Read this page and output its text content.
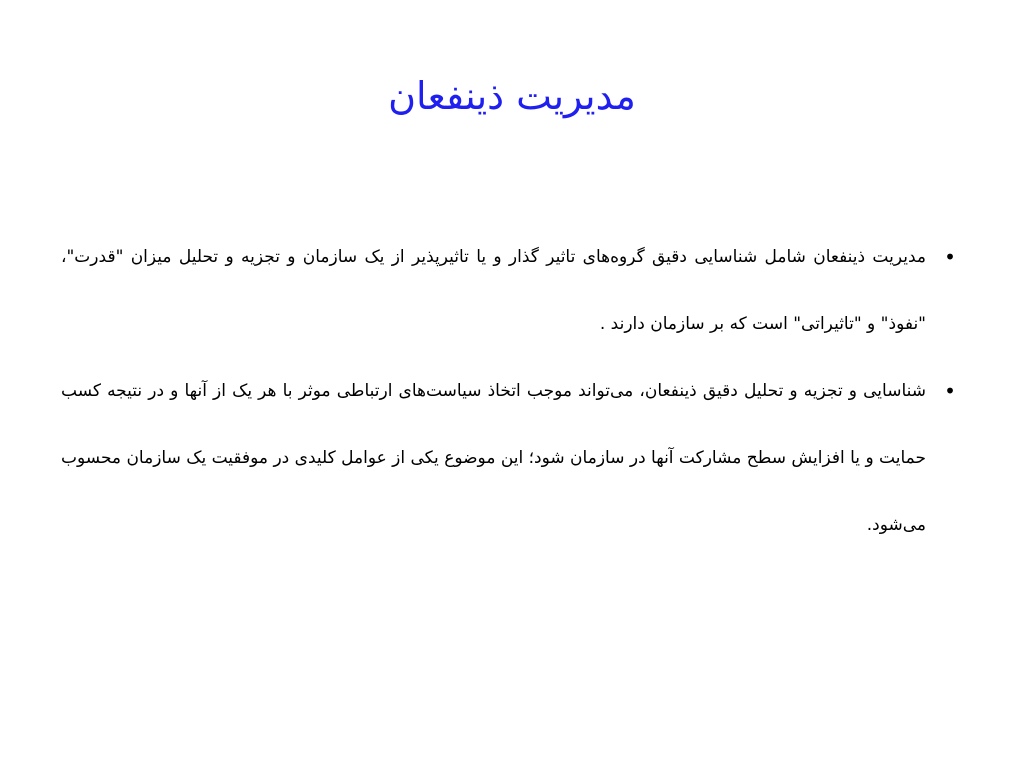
مدیریت ذینفعان
•
مدیریت ذینفعان شامل شناسایی دقیق گروه‌های تاثیر گذار و یا تاثیرپذیر از یک سازمان و تجزیه و تحلیل میزان "قدرت"، "نفوذ" و "تاثیراتی" است که بر سازمان دارند .
•
شناسایی و تجزیه و تحلیل دقیق ذینفعان، می‌تواند موجب اتخاذ سیاست‌های ارتباطی موثر با هر یک از آنها و در نتیجه کسب حمایت و یا افزایش سطح مشارکت آنها در سازمان شود؛ این موضوع یکی از عوامل کلیدی در موفقیت یک سازمان محسوب می‌شود.
